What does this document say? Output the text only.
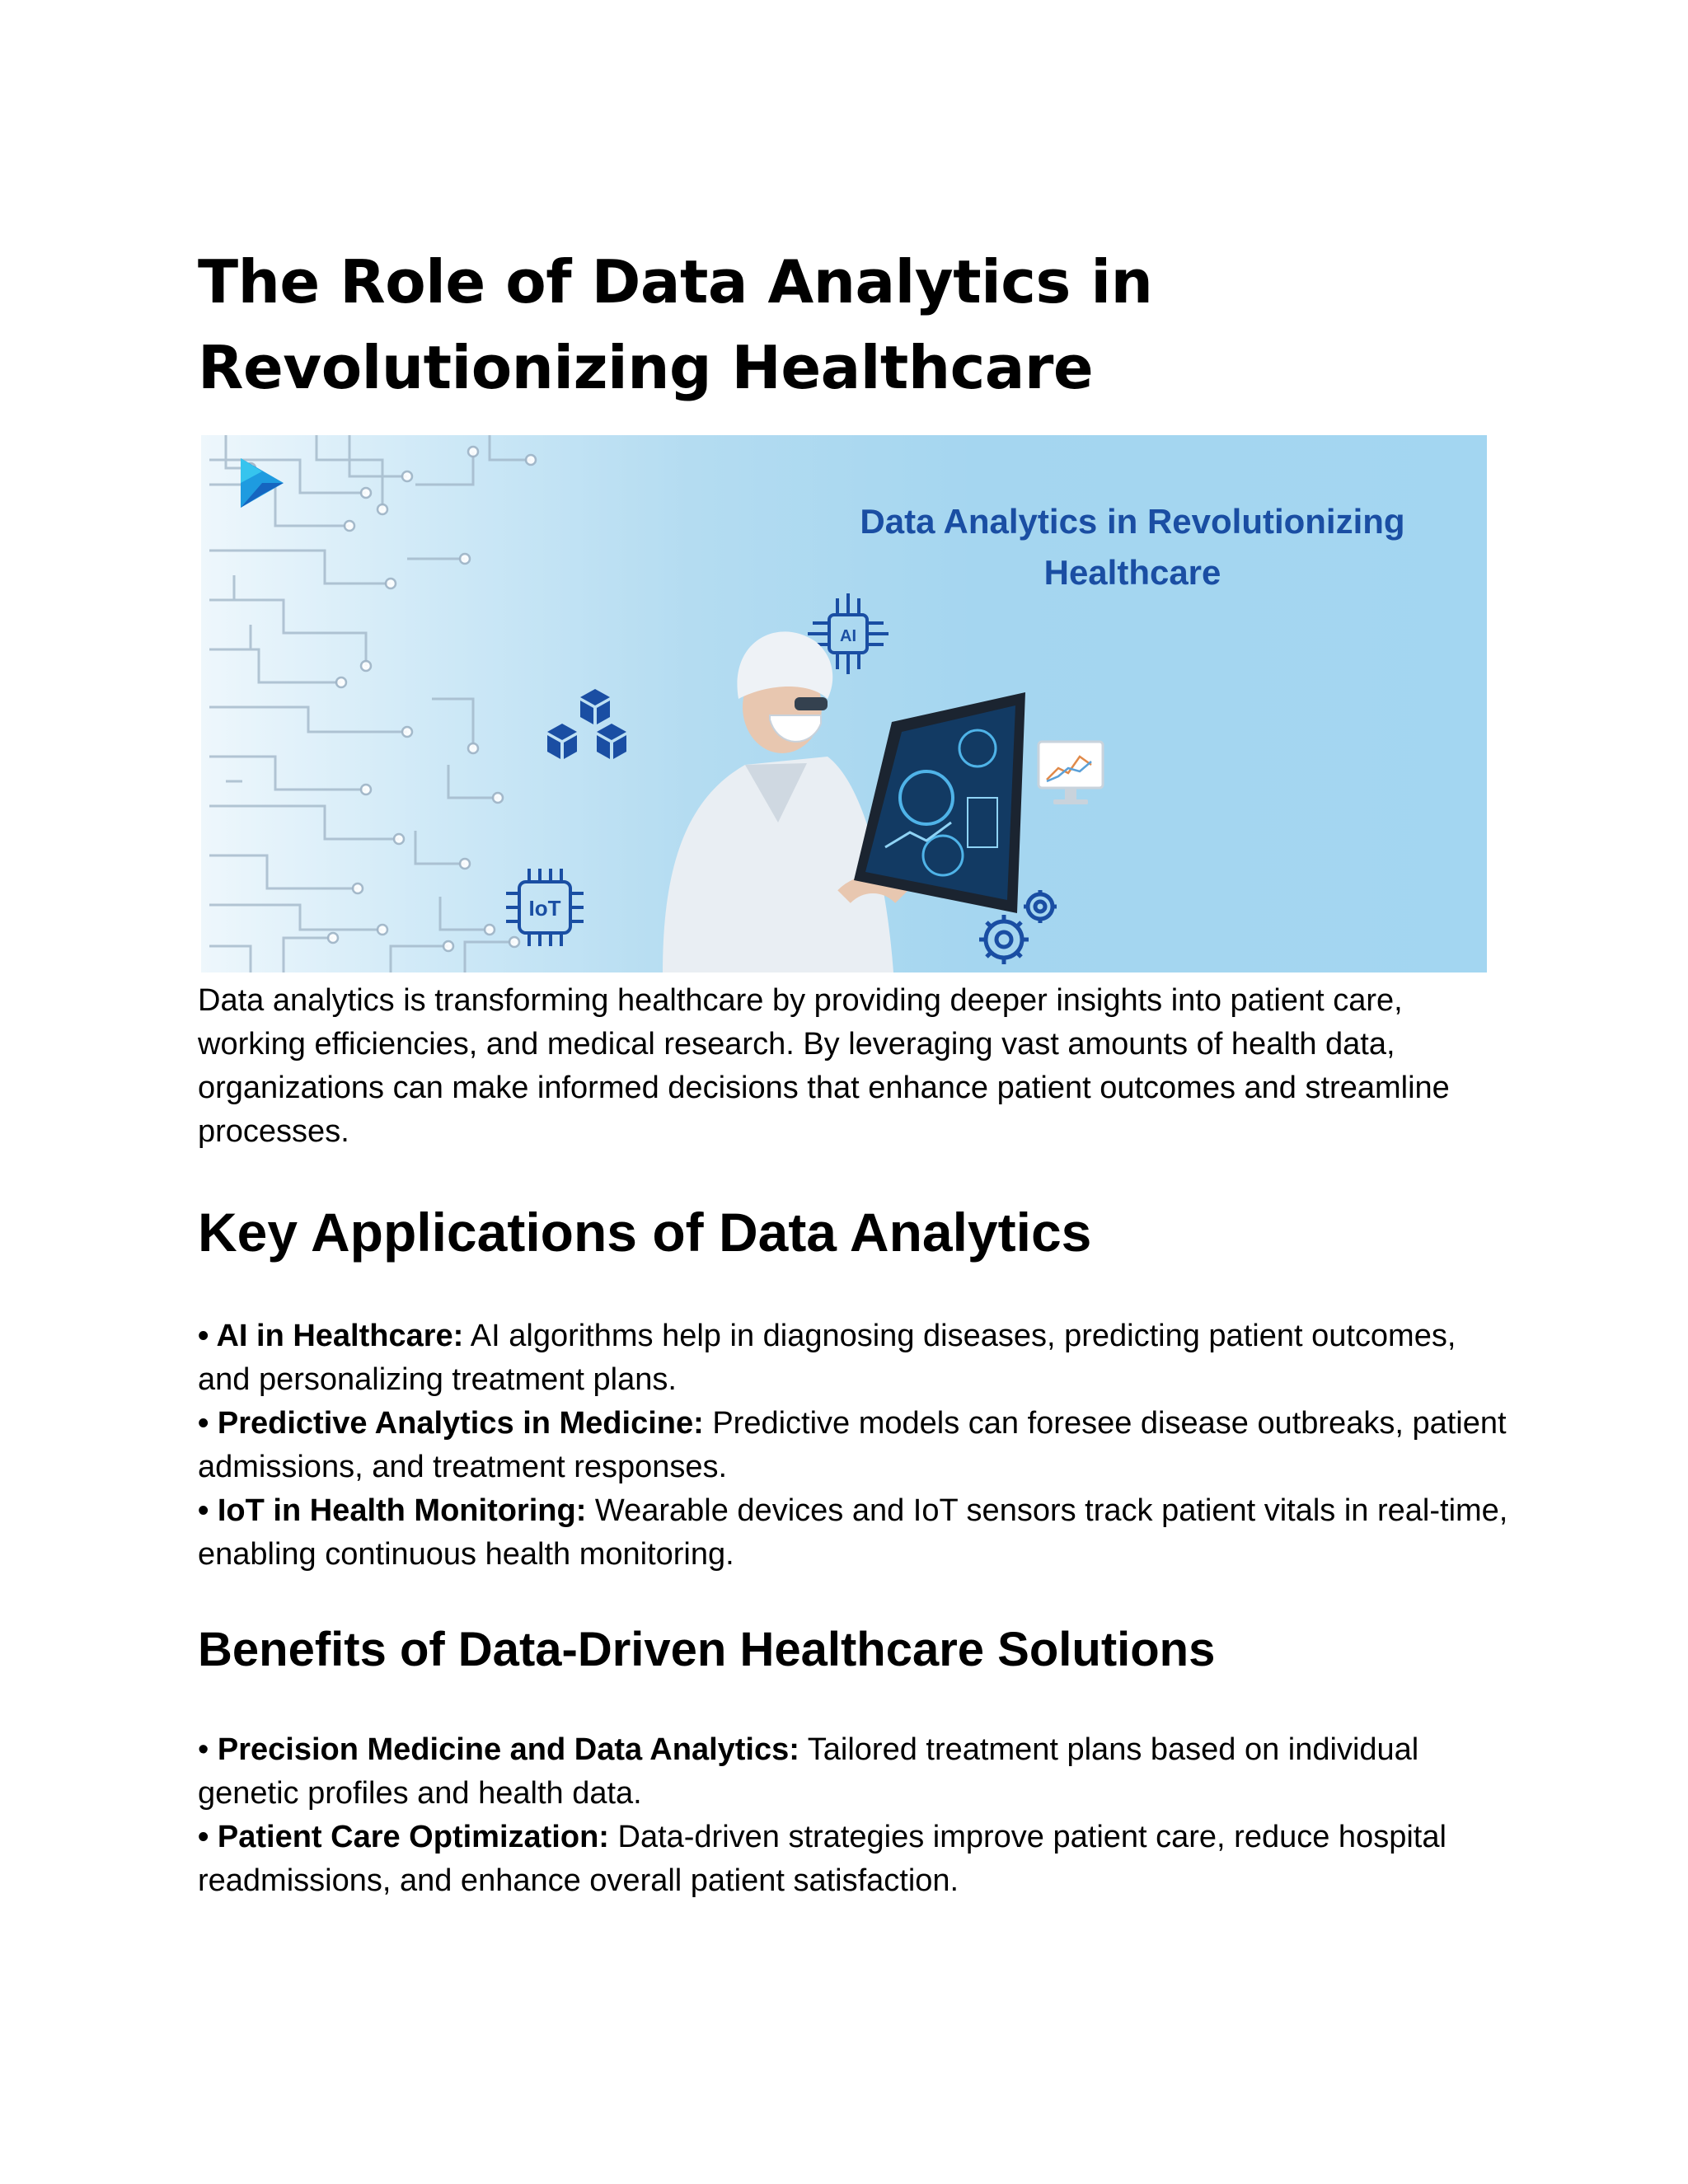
The Role of Data Analytics in Revolutionizing Healthcare
AI
IoT
Data Analytics in Revolutionizing Healthcare

Data analytics is transforming healthcare by providing deeper insights into patient care, working efficiencies, and medical research. By leveraging vast amounts of health data, organizations can make informed decisions that enhance patient outcomes and streamline processes.

Key Applications of Data Analytics

• AI in Healthcare: AI algorithms help in diagnosing diseases, predicting patient outcomes, and personalizing treatment plans.

• Predictive Analytics in Medicine: Predictive models can foresee disease outbreaks, patient admissions, and treatment responses.

• IoT in Health Monitoring: Wearable devices and IoT sensors track patient vitals in real-time, enabling continuous health monitoring.

Benefits of Data-Driven Healthcare Solutions

• Precision Medicine and Data Analytics: Tailored treatment plans based on individual genetic profiles and health data.

• Patient Care Optimization: Data-driven strategies improve patient care, reduce hospital readmissions, and enhance overall patient satisfaction.
